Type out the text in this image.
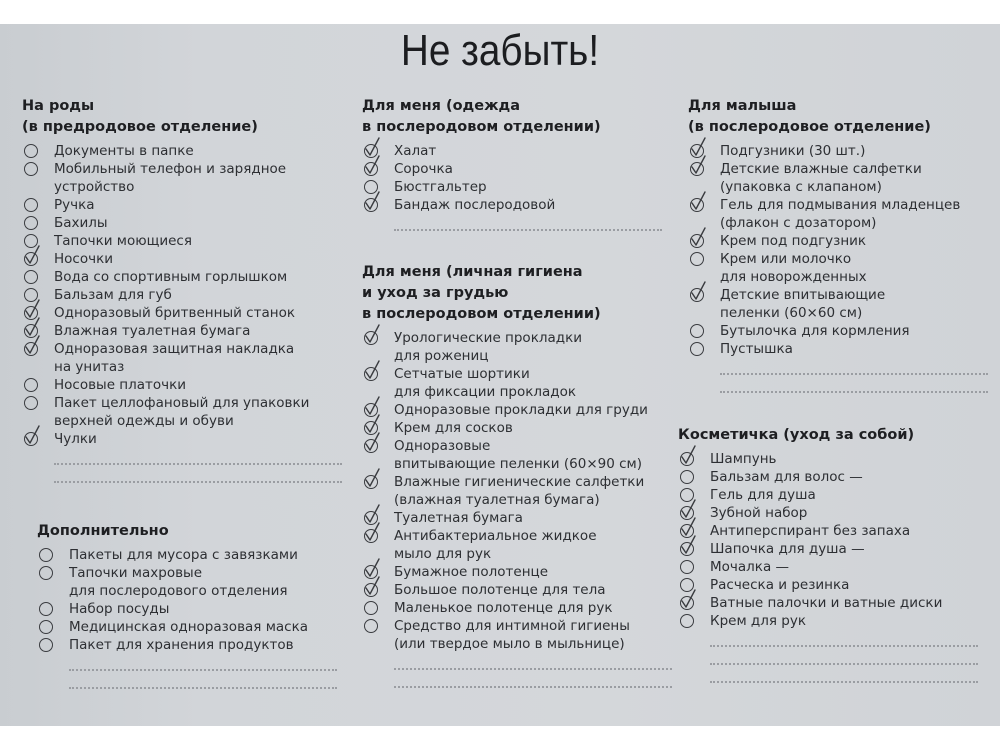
Не забыть!
На роды
(в предродовое отделение)
Документы в папке
Мобильный телефон и зарядное
устройство
Ручка
Бахилы
Тапочки моющиеся
Носочки
Вода со спортивным горлышком
Бальзам для губ
Одноразовый бритвенный станок
Влажная туалетная бумага
Одноразовая защитная накладка
на унитаз
Носовые платочки
Пакет целлофановый для упаковки
верхней одежды и обуви
Чулки
Дополнительно
Пакеты для мусора с завязками
Тапочки махровые
для послеродового отделения
Набор посуды
Медицинская одноразовая маска
Пакет для хранения продуктов
Для меня (одежда
в послеродовом отделении)
Халат
Сорочка
Бюстгальтер
Бандаж послеродовой
Для меня (личная гигиена
и уход за грудью
в послеродовом отделении)
Урологические прокладки
для рожениц
Сетчатые шортики
для фиксации прокладок
Одноразовые прокладки для груди
Крем для сосков
Одноразовые
впитывающие пеленки (60×90 см)
Влажные гигиенические салфетки
(влажная туалетная бумага)
Туалетная бумага
Антибактериальное жидкое
мыло для рук
Бумажное полотенце
Большое полотенце для тела
Маленькое полотенце для рук
Средство для интимной гигиены
(или твердое мыло в мыльнице)
Для малыша
(в послеродовое отделение)
Подгузники (30 шт.)
Детские влажные салфетки
(упаковка с клапаном)
Гель для подмывания младенцев
(флакон с дозатором)
Крем под подгузник
Крем или молочко
для новорожденных
Детские впитывающие
пеленки (60×60 см)
Бутылочка для кормления
Пустышка
Косметичка (уход за собой)
Шампунь
Бальзам для волос —
Гель для душа
Зубной набор
Антиперспирант без запаха
Шапочка для душа —
Мочалка —
Расческа и резинка
Ватные палочки и ватные диски
Крем для рук
